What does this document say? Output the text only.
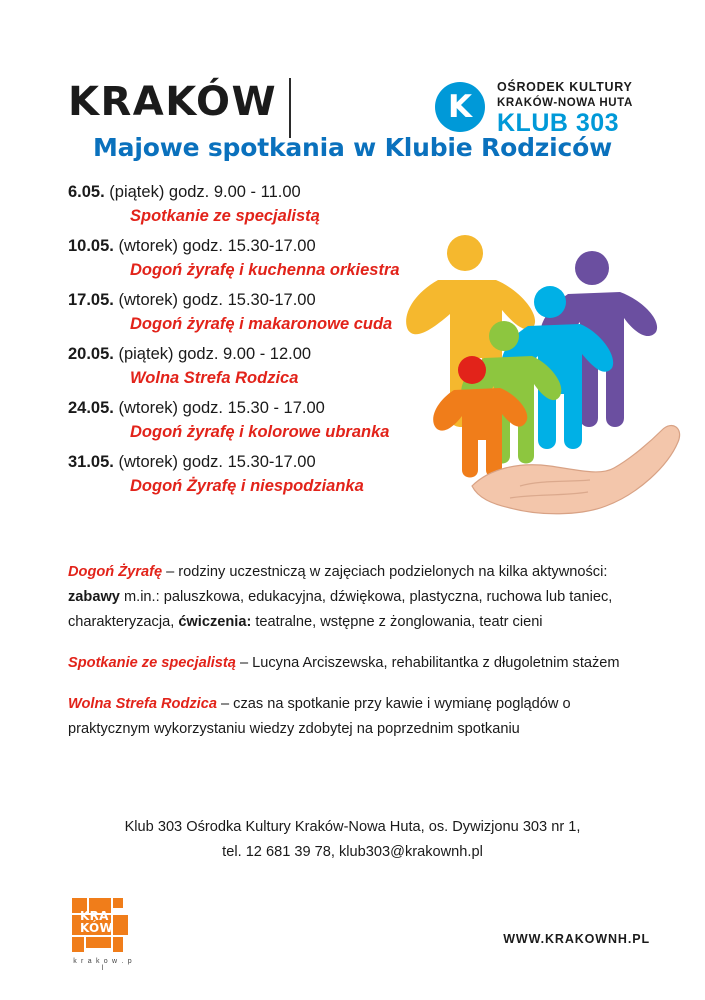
KRAKÓW	K
OŚRODEK KULTURY
KRAKÓW-NOWA HUTA
KLUB 303
Majowe spotkania w Klubie Rodziców
6.05. (piątek) godz. 9.00 - 11.00
Spotkanie ze specjalistą
10.05. (wtorek) godz. 15.30-17.00
Dogoń żyrafę i kuchenna orkiestra
17.05. (wtorek) godz. 15.30-17.00
Dogoń żyrafę i makaronowe cuda
20.05. (piątek) godz. 9.00 - 12.00
Wolna Strefa Rodzica
24.05. (wtorek) godz. 15.30 - 17.00
Dogoń żyrafę i kolorowe ubranka
31.05. (wtorek) godz. 15.30-17.00
Dogoń Żyrafę i niespodzianka
Dogoń Żyrafę – rodziny uczestniczą w zajęciach podzielonych na kilka aktywności: zabawy m.in.: paluszkowa, edukacyjna, dźwiękowa, plastyczna, ruchowa lub taniec, charakteryzacja, ćwiczenia: teatralne, wstępne z żonglowania, teatr cieni
Spotkanie ze specjalistą – Lucyna Arciszewska, rehabilitantka z długoletnim stażem
Wolna Strefa Rodzica – czas na spotkanie przy kawie i wymianę poglądów o praktycznym wykorzystaniu wiedzy zdobytej na poprzednim spotkaniu
Klub 303 Ośrodka Kultury Kraków-Nowa Huta, os. Dywizjonu 303 nr 1,
tel. 12 681 39 78, klub303@krakownh.pl
KRA
KÓW
k r a k o w . p l
WWW.KRAKOWNH.PL
